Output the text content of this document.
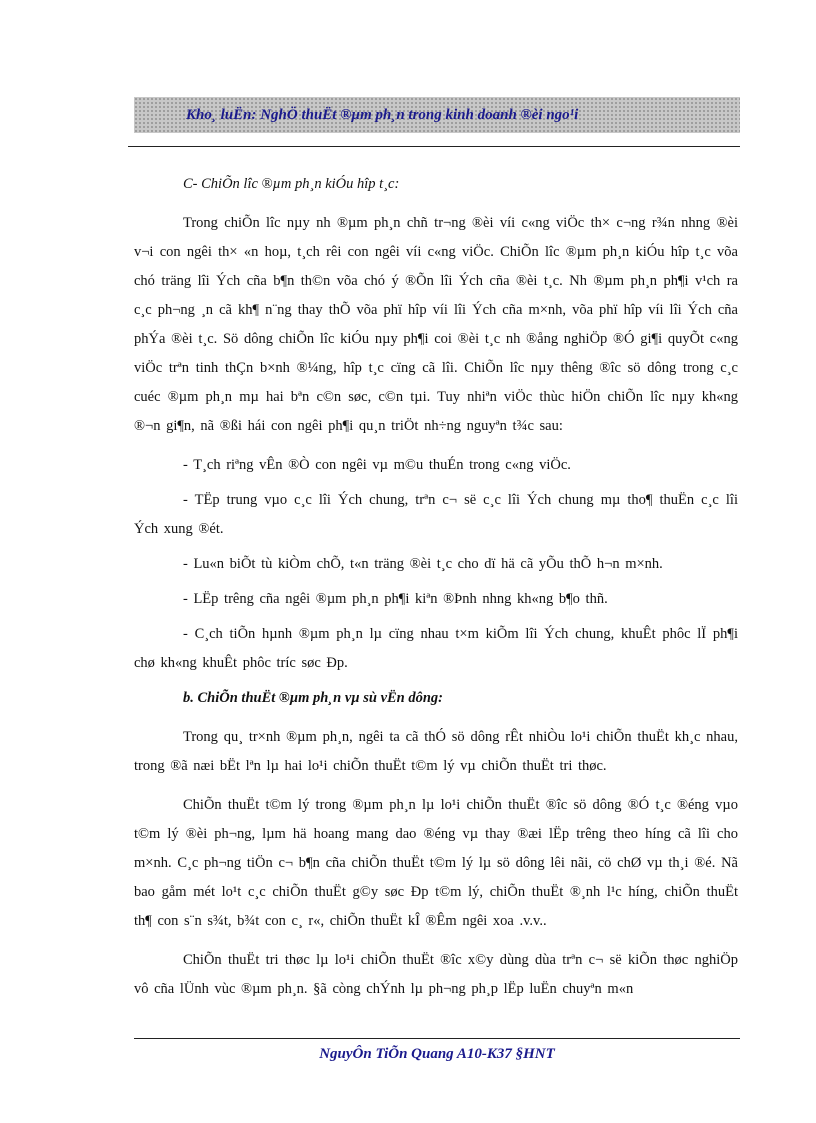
Kho¸ luËn: NghÖ thuËt ®µm ph¸n trong kinh doanh ®èi ngo¹i

C- ChiÕn lîc ®µm ph¸n kiÓu hîp t¸c:

Trong chiÕn lîc nµy nh ®µm ph¸n chñ tr¬ng ®èi víi c«ng viÖc th× c¬ng r¾n nhng ®èi v¬i con ngêi th× «n hoµ, t¸ch rêi con ngêi víi c«ng viÖc. ChiÕn lîc ®µm ph¸n kiÓu hîp t¸c võa chó träng lîi Ých cña b¶n th©n võa chó ý ®Õn lîi Ých cña ®èi t¸c. Nh ®µm ph¸n ph¶i v¹ch ra c¸c ph¬ng ¸n cã kh¶ n¨ng thay thÕ võa phï hîp víi lîi Ých cña m×nh, võa phï hîp víi lîi Ých cña phÝa ®èi t¸c. Sö dông chiÕn lîc kiÓu nµy ph¶i coi ®èi t¸c nh ®ång nghiÖp ®Ó gi¶i quyÕt c«ng viÖc trªn tinh thÇn b×nh ®¼ng, hîp t¸c cïng cã lîi. ChiÕn lîc nµy thêng ®îc sö dông trong c¸c cuéc ®µm ph¸n mµ hai bªn c©n søc, c©n tµi. Tuy nhiªn viÖc thùc hiÖn chiÕn lîc nµy kh«ng ®¬n gi¶n, nã ®ßi hái con ngêi ph¶i qu¸n triÖt nh÷ng nguyªn t¾c sau:

- T¸ch riªng vÊn ®Ò con ngêi vµ m©u thuÉn trong c«ng viÖc.

- TËp trung vµo c¸c lîi Ých chung, trªn c¬ së c¸c lîi Ých chung mµ tho¶ thuËn c¸c lîi Ých xung ®ét.

- Lu«n biÕt tù kiÒm chÕ, t«n träng ®èi t¸c cho dï hä cã yÕu thÕ h¬n m×nh.

- LËp trêng cña ngêi ®µm ph¸n ph¶i kiªn ®Þnh nhng kh«ng b¶o thñ.

- C¸ch tiÕn hµnh ®µm ph¸n lµ cïng nhau t×m kiÕm lîi Ých chung, khuÊt phôc lÏ ph¶i chø kh«ng khuÊt phôc tríc søc Ðp.

b. ChiÕn thuËt ®µm ph¸n vµ sù vËn dông:

Trong qu¸ tr×nh ®µm ph¸n, ngêi ta cã thÓ sö dông rÊt nhiÒu lo¹i chiÕn thuËt kh¸c nhau, trong ®ã næi bËt lªn lµ hai lo¹i chiÕn thuËt t©m lý vµ chiÕn thuËt tri thøc.

ChiÕn thuËt t©m lý trong ®µm ph¸n lµ lo¹i chiÕn thuËt ®îc sö dông ®Ó t¸c ®éng vµo t©m lý ®èi ph¬ng, lµm hä hoang mang dao ®éng vµ thay ®æi lËp trêng theo híng cã lîi cho m×nh. C¸c ph¬ng tiÖn c¬ b¶n cña chiÕn thuËt t©m lý lµ sö dông lêi nãi, cö chØ vµ th¸i ®é. Nã bao gåm mét lo¹t c¸c chiÕn thuËt g©y søc Ðp t©m lý, chiÕn thuËt ®¸nh l¹c híng, chiÕn thuËt th¶ con s¨n s¾t, b¾t con c¸ r«, chiÕn thuËt kÎ ®Êm ngêi xoa .v.v..

ChiÕn thuËt tri thøc lµ lo¹i chiÕn thuËt ®îc x©y dùng dùa trªn c¬ së kiÕn thøc nghiÖp vô cña lÜnh vùc ®µm ph¸n. §ã còng chÝnh lµ ph¬ng ph¸p lËp luËn chuyªn m«n

NguyÔn TiÕn Quang A10-K37 §HNT
